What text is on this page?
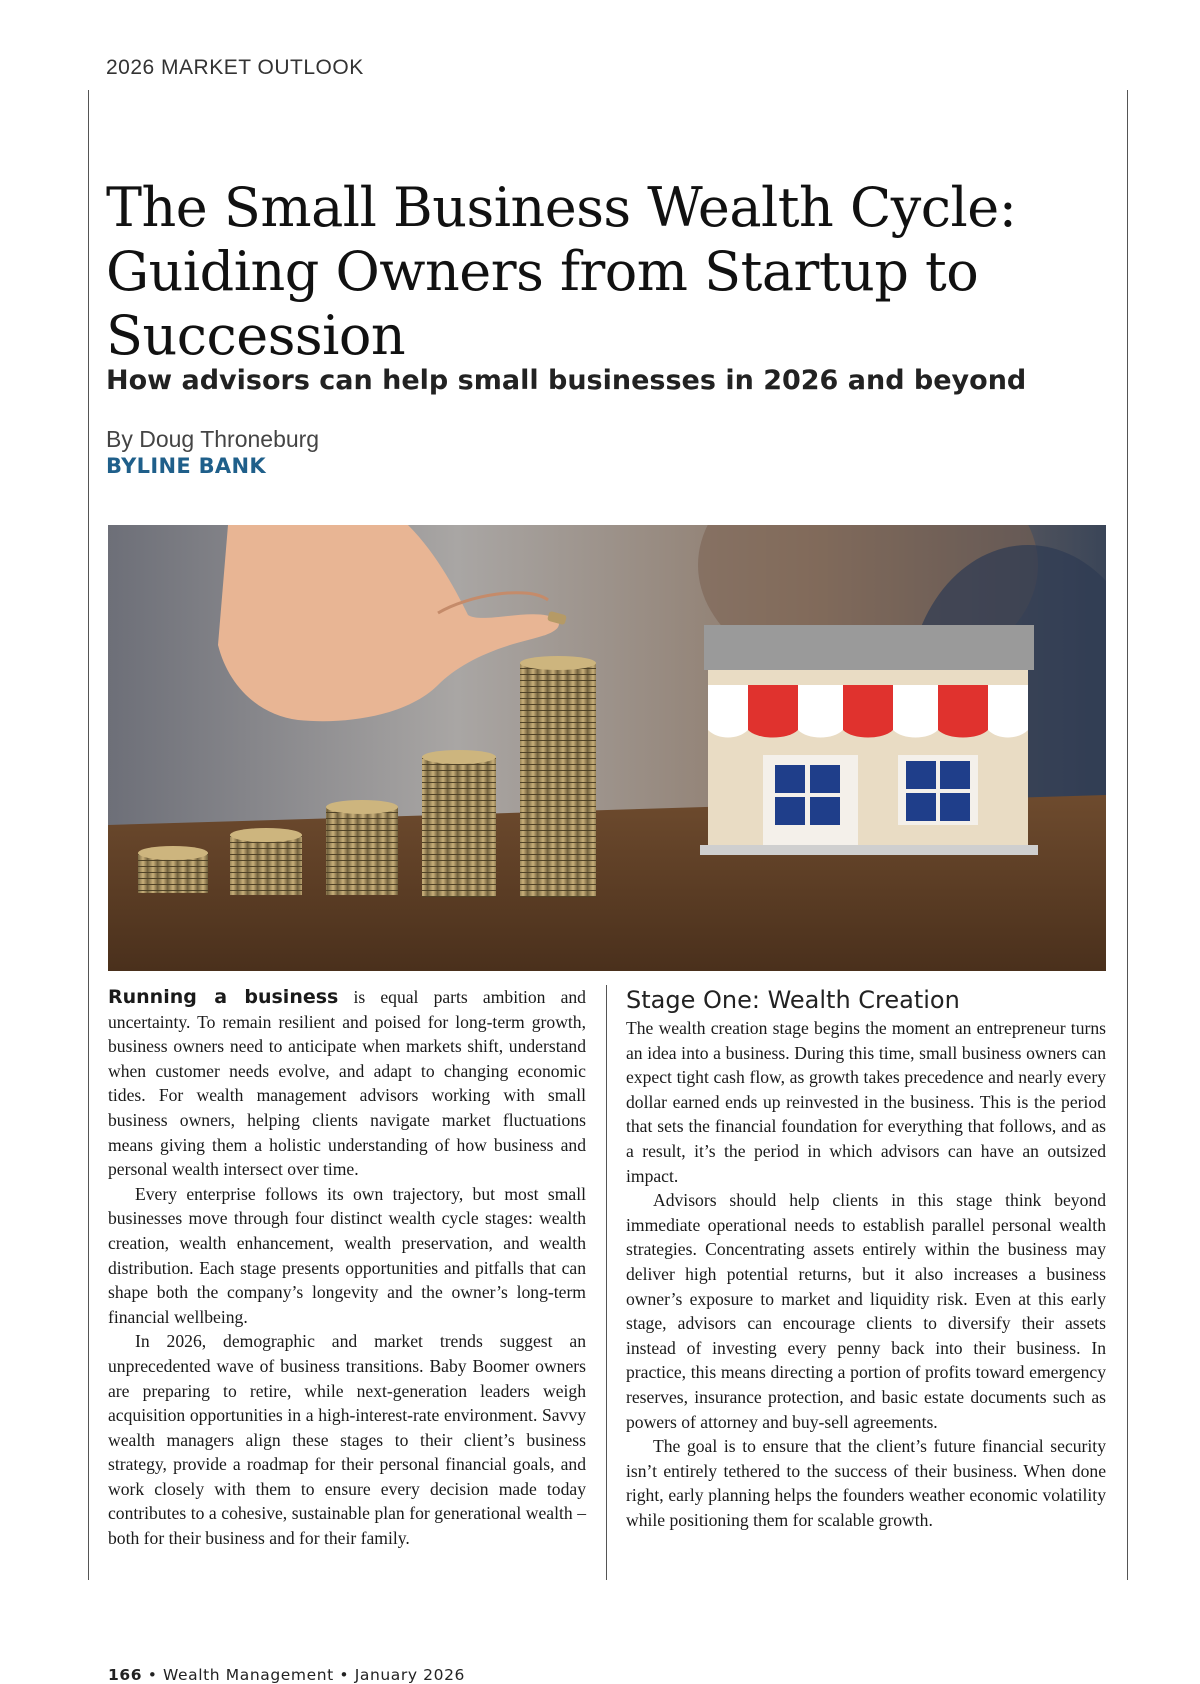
2026 MARKET OUTLOOK
The Small Business Wealth Cycle: Guiding Owners from Startup to Succession
How advisors can help small businesses in 2026 and beyond
By Doug Throneburg
BYLINE BANK

Running a business is equal parts ambition and uncertainty. To remain resilient and poised for long-term growth, business owners need to anticipate when markets shift, understand when customer needs evolve, and adapt to changing economic tides. For wealth management advisors working with small business owners, helping clients navigate market fluctuations means giving them a holistic understanding of how business and personal wealth intersect over time.

Every enterprise follows its own trajectory, but most small businesses move through four distinct wealth cycle stages: wealth creation, wealth enhancement, wealth preservation, and wealth distribution. Each stage presents opportunities and pitfalls that can shape both the company’s longevity and the owner’s long-term financial wellbeing.

In 2026, demographic and market trends suggest an unprecedented wave of business transitions. Baby Boomer owners are preparing to retire, while next-generation leaders weigh acquisition opportunities in a high-interest-rate environment. Savvy wealth managers align these stages to their client’s business strategy, provide a roadmap for their personal financial goals, and work closely with them to ensure every decision made today contributes to a cohesive, sustainable plan for generational wealth – both for their business and for their family.

Stage One: Wealth Creation

The wealth creation stage begins the moment an entrepreneur turns an idea into a business. During this time, small business owners can expect tight cash flow, as growth takes precedence and nearly every dollar earned ends up reinvested in the business. This is the period that sets the financial foundation for everything that follows, and as a result, it’s the period in which advisors can have an outsized impact.

Advisors should help clients in this stage think beyond immediate operational needs to establish parallel personal wealth strategies. Concentrating assets entirely within the business may deliver high potential returns, but it also increases a business owner’s exposure to market and liquidity risk. Even at this early stage, advisors can encourage clients to diversify their assets instead of investing every penny back into their business. In practice, this means directing a portion of profits toward emergency reserves, insurance protection, and basic estate documents such as powers of attorney and buy-sell agreements.

The goal is to ensure that the client’s future financial security isn’t entirely tethered to the success of their business. When done right, early planning helps the founders weather economic volatility while positioning them for scalable growth.

166 • Wealth Management • January 2026
